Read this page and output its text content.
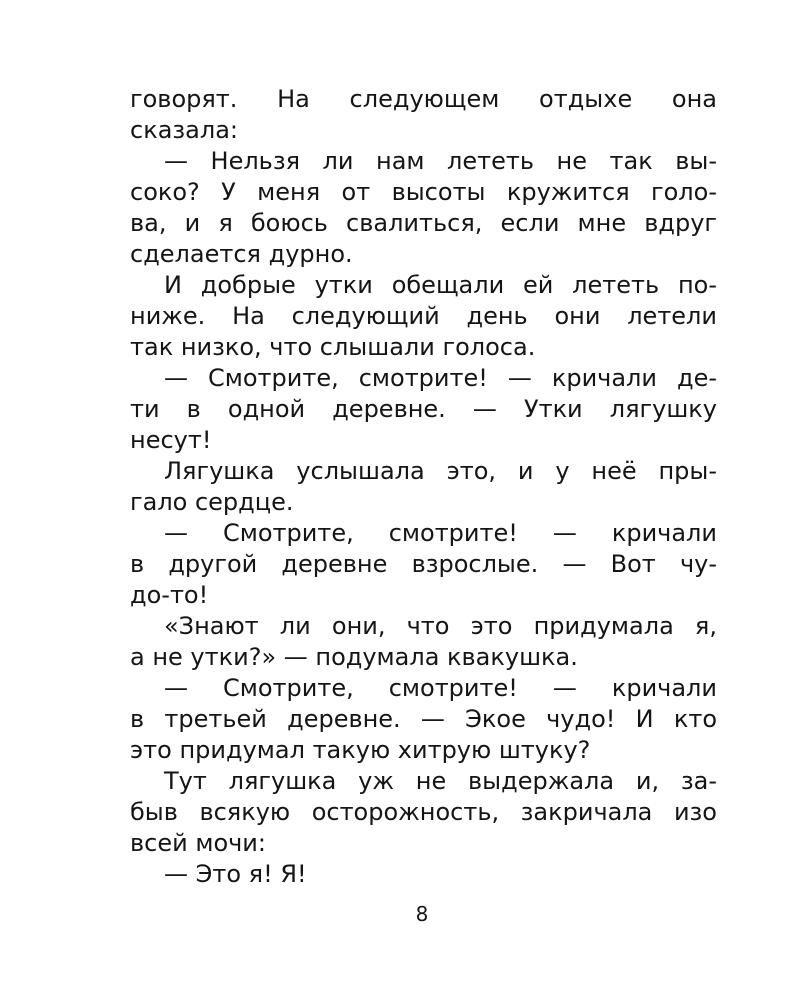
говорят. На следующем отдыхе она
сказала:
— Нельзя ли нам лететь не так вы-
соко? У меня от высоты кружится голо-
ва, и я боюсь свалиться, если мне вдруг
сделается дурно.
И добрые утки обещали ей лететь по-
ниже. На следующий день они летели
так низко, что слышали голоса.
— Смотрите, смотрите! — кричали де-
ти в одной деревне. — Утки лягушку
несут!
Лягушка услышала это, и у неё пры-
гало сердце.
— Смотрите, смотрите! — кричали
в другой деревне взрослые. — Вот чу-
до-то!
«Знают ли они, что это придумала я,
а не утки?» — подумала квакушка.
— Смотрите, смотрите! — кричали
в третьей деревне. — Экое чудо! И кто
это придумал такую хитрую штуку?
Тут лягушка уж не выдержала и, за-
быв всякую осторожность, закричала изо
всей мочи:
— Это я! Я!
8
